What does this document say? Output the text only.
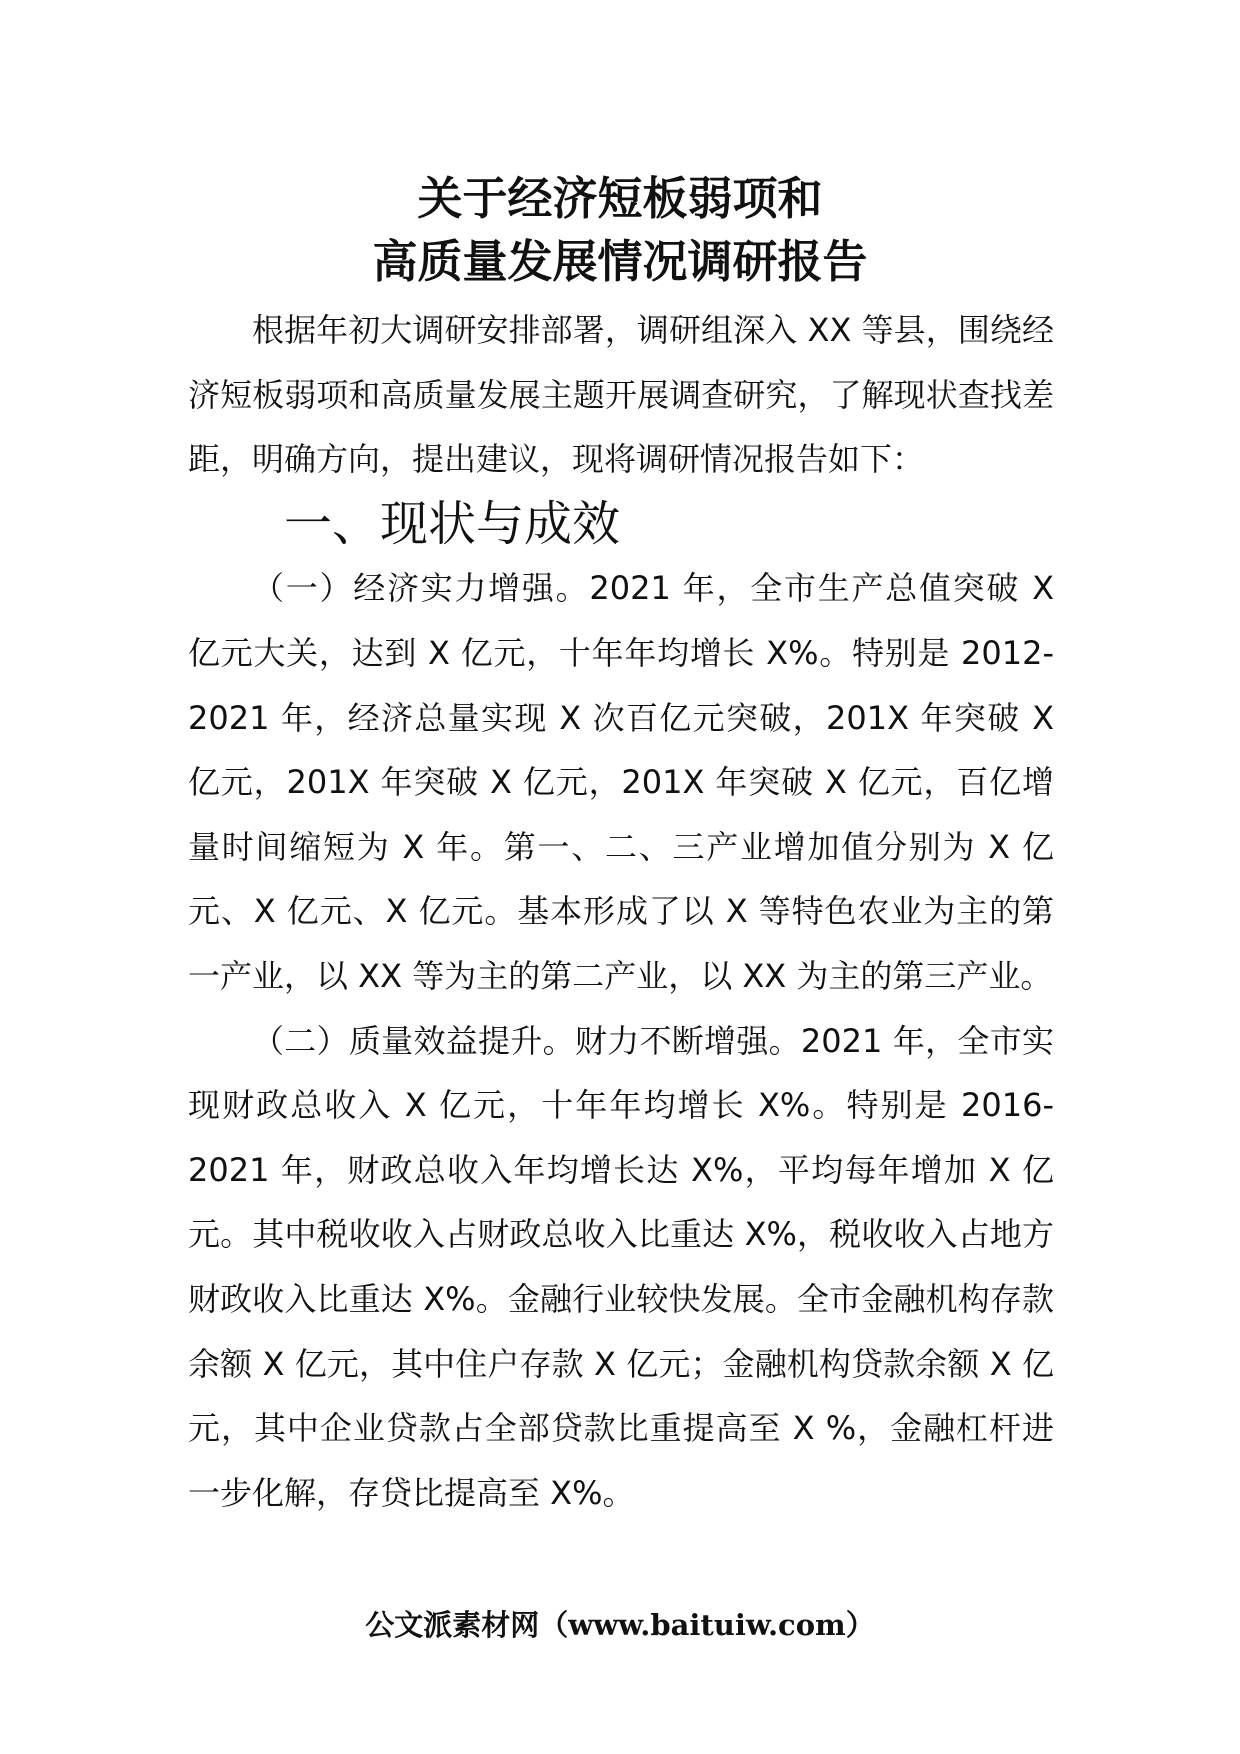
关于经济短板弱项和
高质量发展情况调研报告

根据年初大调研安排部署，调研组深入 XX 等县，围绕经济短板弱项和高质量发展主题开展调查研究，了解现状查找差距，明确方向，提出建议，现将调研情况报告如下：

一、现状与成效

（一）经济实力增强。2021 年，全市生产总值突破 X 亿元大关，达到 X 亿元，十年年均增长 X%。特别是 2012-2021 年，经济总量实现 X 次百亿元突破，201X 年突破 X 亿元，201X 年突破 X 亿元，201X 年突破 X 亿元，百亿增量时间缩短为 X 年。第一、二、三产业增加值分别为 X 亿元、X 亿元、X 亿元。基本形成了以 X 等特色农业为主的第一产业，以 XX 等为主的第二产业，以 XX 为主的第三产业。

（二）质量效益提升。财力不断增强。2021 年，全市实现财政总收入 X 亿元，十年年均增长 X%。特别是 2016-2021 年，财政总收入年均增长达 X%，平均每年增加 X 亿元。其中税收收入占财政总收入比重达 X%，税收收入占地方财政收入比重达 X%。金融行业较快发展。全市金融机构存款余额 X 亿元，其中住户存款 X 亿元；金融机构贷款余额 X 亿元，其中企业贷款占全部贷款比重提高至 X %，金融杠杆进一步化解，存贷比提高至 X%。

公文派素材网（www.baituiw.com）
